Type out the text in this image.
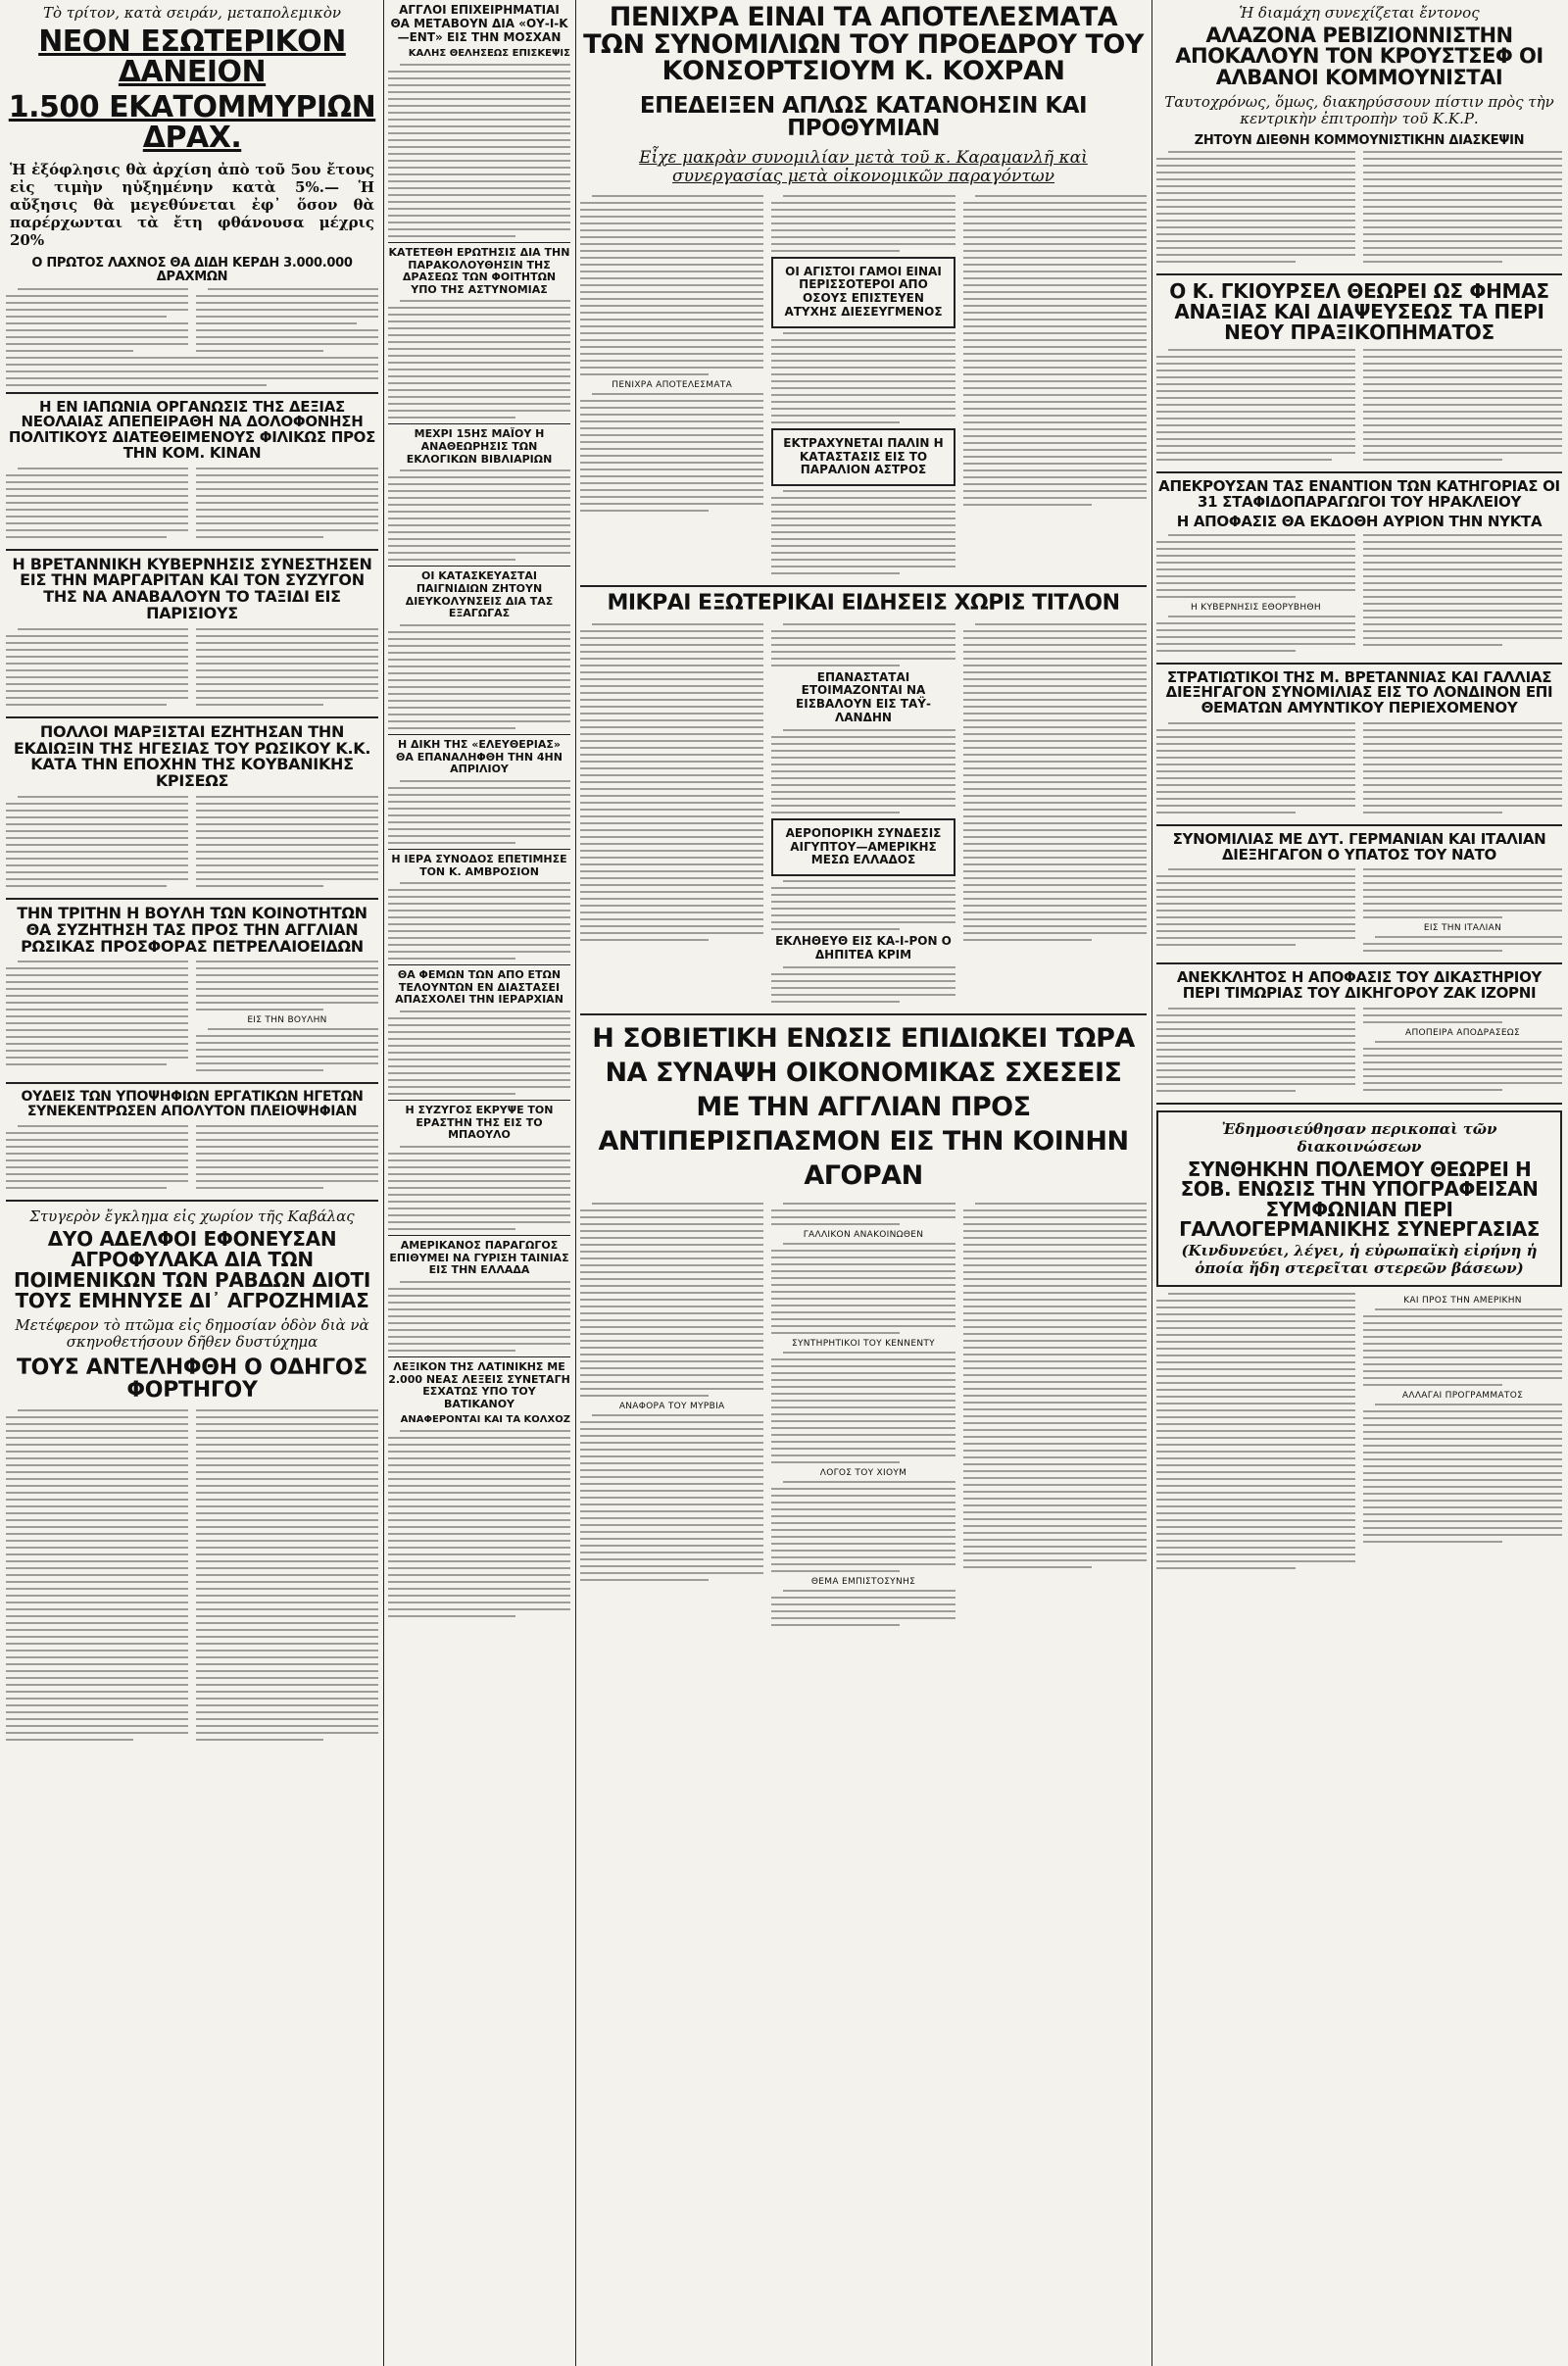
Τὸ τρίτον, κατὰ σειράν, μεταπολεμικὸν
ΝΕΟΝ ΕΣΩΤΕΡΙΚΟΝ ΔΑΝΕΙΟΝ
1.500 ΕΚΑΤΟΜΜΥΡΙΩΝ ΔΡΑΧ.
Ἡ ἐξόφλησις θὰ ἀρχίση ἀπὸ τοῦ 5ου ἔτους εἰς τιμὴν ηὐξημένην κατὰ 5%.— Ἡ αὔξησις θὰ μεγεθύνεται ἐφ᾽ ὅσον θὰ παρέρχωνται τὰ ἔτη φθάνουσα μέχρις 20%
Ο ΠΡΩΤΟΣ ΛΑΧΝΟΣ ΘΑ ΔΙΔΗ ΚΕΡΔΗ 3.000.000 ΔΡΑΧΜΩΝ
Η ΕΝ ΙΑΠΩΝΙΑ ΟΡΓΑΝΩΣΙΣ ΤΗΣ ΔΕΞΙΑΣ ΝΕΟΛΑΙΑΣ ΑΠΕΠΕΙΡΑΘΗ ΝΑ ΔΟΛΟΦΟΝΗΣΗ ΠΟΛΙΤΙΚΟΥΣ ΔΙΑΤΕΘΕΙΜΕΝΟΥΣ ΦΙΛΙΚΩΣ ΠΡΟΣ ΤΗΝ ΚΟΜ. ΚΙΝΑΝ
Η ΒΡΕΤΑΝΝΙΚΗ ΚΥΒΕΡΝΗΣΙΣ ΣΥΝΕΣΤΗΣΕΝ ΕΙΣ ΤΗΝ ΜΑΡΓΑΡΙΤΑΝ ΚΑΙ ΤΟΝ ΣΥΖΥΓΟΝ ΤΗΣ ΝΑ ΑΝΑΒΑΛΟΥΝ ΤΟ ΤΑΞΙΔΙ ΕΙΣ ΠΑΡΙΣΙΟΥΣ
ΠΟΛΛΟΙ ΜΑΡΞΙΣΤΑΙ ΕΖΗΤΗΣΑΝ ΤΗΝ ΕΚΔΙΩΞΙΝ ΤΗΣ ΗΓΕΣΙΑΣ ΤΟΥ ΡΩΣΙΚΟΥ Κ.Κ. ΚΑΤΑ ΤΗΝ ΕΠΟΧΗΝ ΤΗΣ ΚΟΥΒΑΝΙΚΗΣ ΚΡΙΣΕΩΣ
ΤΗΝ ΤΡΙΤΗΝ Η ΒΟΥΛΗ ΤΩΝ ΚΟΙΝΟΤΗΤΩΝ ΘΑ ΣΥΖΗΤΗΣΗ ΤΑΣ ΠΡΟΣ ΤΗΝ ΑΓΓΛΙΑΝ ΡΩΣΙΚΑΣ ΠΡΟΣΦΟΡΑΣ ΠΕΤΡΕΛΑΙΟΕΙΔΩΝ
ΕΙΣ ΤΗΝ ΒΟΥΛΗΝ
ΟΥΔΕΙΣ ΤΩΝ ΥΠΟΨΗΦΙΩΝ ΕΡΓΑΤΙΚΩΝ ΗΓΕΤΩΝ ΣΥΝΕΚΕΝΤΡΩΣΕΝ ΑΠΟΛΥΤΟΝ ΠΛΕΙΟΨΗΦΙΑΝ
Στυγερὸν ἔγκλημα εἰς χωρίον τῆς Καβάλας
ΔΥΟ ΑΔΕΛΦΟΙ ΕΦΟΝΕΥΣΑΝ ΑΓΡΟΦΥΛΑΚΑ ΔΙΑ ΤΩΝ ΠΟΙΜΕΝΙΚΩΝ ΤΩΝ ΡΑΒΔΩΝ ΔΙΟΤΙ ΤΟΥΣ ΕΜΗΝΥΣΕ ΔΙ᾽ ΑΓΡΟΖΗΜΙΑΣ
Μετέφερον τὸ πτῶμα εἰς δημοσίαν ὁδὸν διὰ νὰ σκηνοθετήσουν δῆθεν δυστύχημα
ΤΟΥΣ ΑΝΤΕΛΗΦΘΗ Ο ΟΔΗΓΟΣ ΦΟΡΤΗΓΟΥ
ΑΓΓΛΟΙ ΕΠΙΧΕΙΡΗΜΑΤΙΑΙ ΘΑ ΜΕΤΑΒΟΥΝ ΔΙΑ «ΟΥ-Ι-Κ—ΕΝΤ» ΕΙΣ ΤΗΝ ΜΟΣΧΑΝ
ΚΑΛΗΣ ΘΕΛΗΣΕΩΣ ΕΠΙΣΚΕΨΙΣ
ΚΑΤΕΤΕΘΗ ΕΡΩΤΗΣΙΣ ΔΙΑ ΤΗΝ ΠΑΡΑΚΟΛΟΥΘΗΣΙΝ ΤΗΣ ΔΡΑΣΕΩΣ ΤΩΝ ΦΟΙΤΗΤΩΝ ΥΠΟ ΤΗΣ ΑΣΤΥΝΟΜΙΑΣ
ΜΕΧΡΙ 15ΗΣ ΜΑΪΟΥ Η ΑΝΑΘΕΩΡΗΣΙΣ ΤΩΝ ΕΚΛΟΓΙΚΩΝ ΒΙΒΛΙΑΡΙΩΝ
ΟΙ ΚΑΤΑΣΚΕΥΑΣΤΑΙ ΠΑΙΓΝΙΔΙΩΝ ΖΗΤΟΥΝ ΔΙΕΥΚΟΛΥΝΣΕΙΣ ΔΙΑ ΤΑΣ ΕΞΑΓΩΓΑΣ
Η ΔΙΚΗ ΤΗΣ «ΕΛΕΥΘΕΡΙΑΣ» ΘΑ ΕΠΑΝΑΛΗΦΘΗ ΤΗΝ 4ΗΝ ΑΠΡΙΛΙΟΥ
Η ΙΕΡΑ ΣΥΝΟΔΟΣ ΕΠΕΤΙΜΗΣΕ ΤΟΝ Κ. ΑΜΒΡΟΣΙΟΝ
ΘΑ ΦΕΜΩΝ ΤΩΝ ΑΠΟ ΕΤΩΝ ΤΕΛΟΥΝΤΩΝ ΕΝ ΔΙΑΣΤΑΣΕΙ ΑΠΑΣΧΟΛΕΙ ΤΗΝ ΙΕΡΑΡΧΙΑΝ
Η ΣΥΖΥΓΟΣ ΕΚΡΥΨΕ ΤΟΝ ΕΡΑΣΤΗΝ ΤΗΣ ΕΙΣ ΤΟ ΜΠΑΟΥΛΟ
ΑΜΕΡΙΚΑΝΟΣ ΠΑΡΑΓΩΓΟΣ ΕΠΙΘΥΜΕΙ ΝΑ ΓΥΡΙΣΗ ΤΑΙΝΙΑΣ ΕΙΣ ΤΗΝ ΕΛΛΑΔΑ
ΛΕΞΙΚΟΝ ΤΗΣ ΛΑΤΙΝΙΚΗΣ ΜΕ 2.000 ΝΕΑΣ ΛΕΞΕΙΣ ΣΥΝΕΤΑΓΗ ΕΣΧΑΤΩΣ ΥΠΟ ΤΟΥ ΒΑΤΙΚΑΝΟΥ
ΑΝΑΦΕΡΟΝΤΑΙ ΚΑΙ ΤΑ ΚΟΛΧΟΖ
ΠΕΝΙΧΡΑ ΕΙΝΑΙ ΤΑ ΑΠΟΤΕΛΕΣΜΑΤΑ ΤΩΝ ΣΥΝΟΜΙΛΙΩΝ ΤΟΥ ΠΡΟΕΔΡΟΥ ΤΟΥ ΚΟΝΣΟΡΤΣΙΟΥΜ Κ. ΚΟΧΡΑΝ
ΕΠΕΔΕΙΞΕΝ ΑΠΛΩΣ ΚΑΤΑΝΟΗΣΙΝ ΚΑΙ ΠΡΟΘΥΜΙΑΝ
Εἶχε μακρὰν συνομιλίαν μετὰ τοῦ κ. Καραμανλῆ καὶ συνεργασίας μετὰ οἰκονομικῶν παραγόντων
ΠΕΝΙΧΡΑ ΑΠΟΤΕΛΕΣΜΑΤΑ
ΟΙ ΑΓΙΣΤΟΙ ΓΑΜΟΙ ΕΙΝΑΙ ΠΕΡΙΣΣΟΤΕΡΟΙ ΑΠΟ ΟΣΟΥΣ ΕΠΙΣΤΕΥΕΝ ΑΤΥΧΗΣ ΔΙΕΣΕΥΓΜΕΝΟΣ
ΕΚΤΡΑΧΥΝΕΤΑΙ ΠΑΛΙΝ Η ΚΑΤΑΣΤΑΣΙΣ ΕΙΣ ΤΟ ΠΑΡΑΛΙΟΝ ΑΣΤΡΟΣ
ΜΙΚΡΑΙ ΕΞΩΤΕΡΙΚΑΙ ΕΙΔΗΣΕΙΣ ΧΩΡΙΣ ΤΙΤΛΟΝ
ΕΠΑΝΑΣΤΑΤΑΙ ΕΤΟΙΜΑΖΟΝΤΑΙ ΝΑ ΕΙΣΒΑΛΟΥΝ ΕΙΣ ΤΑΫ-ΛΑΝΔΗΝ
ΑΕΡΟΠΟΡΙΚΗ ΣΥΝΔΕΣΙΣ ΑΙΓΥΠΤΟΥ—ΑΜΕΡΙΚΗΣ ΜΕΣΩ ΕΛΛΑΔΟΣ
ΕΚΛΗΘΕΥΘ ΕΙΣ ΚΑ-Ι-ΡΟΝ Ο ΔΗΠΙΤΕΑ ΚΡΙΜ
Η ΣΟΒΙΕΤΙΚΗ ΕΝΩΣΙΣ ΕΠΙΔΙΩΚΕΙ ΤΩΡΑ ΝΑ ΣΥΝΑΨΗ ΟΙΚΟΝΟΜΙΚΑΣ ΣΧΕΣΕΙΣ ΜΕ ΤΗΝ ΑΓΓΛΙΑΝ ΠΡΟΣ ΑΝΤΙΠΕΡΙΣΠΑΣΜΟΝ ΕΙΣ ΤΗΝ ΚΟΙΝΗΝ ΑΓΟΡΑΝ
ΑΝΑΦΟΡΑ ΤΟΥ ΜΥΡΒΙΑ
ΓΑΛΛΙΚΟΝ ΑΝΑΚΟΙΝΩΘΕΝ
ΣΥΝΤΗΡΗΤΙΚΟΙ ΤΟΥ ΚΕΝΝΕΝΤΥ
ΛΟΓΟΣ ΤΟΥ ΧΙΟΥΜ
ΘΕΜΑ ΕΜΠΙΣΤΟΣΥΝΗΣ
Ἡ διαμάχη συνεχίζεται ἔντονος
ΑΛΑΖΟΝΑ ΡΕΒΙΖΙΟΝΝΙΣΤΗΝ ΑΠΟΚΑΛΟΥΝ ΤΟΝ ΚΡΟΥΣΤΣΕΦ ΟΙ ΑΛΒΑΝΟΙ ΚΟΜΜΟΥΝΙΣΤΑΙ
Ταυτοχρόνως, ὅμως, διακηρύσσουν πίστιν πρὸς τὴν κεντρικὴν ἐπιτροπὴν τοῦ Κ.Κ.Ρ.
ΖΗΤΟΥΝ ΔΙΕΘΝΗ ΚΟΜΜΟΥΝΙΣΤΙΚΗΝ ΔΙΑΣΚΕΨΙΝ
Ο Κ. ΓΚΙΟΥΡΣΕΛ ΘΕΩΡΕΙ ΩΣ ΦΗΜΑΣ ΑΝΑΞΙΑΣ ΚΑΙ ΔΙΑΨΕΥΣΕΩΣ ΤΑ ΠΕΡΙ ΝΕΟΥ ΠΡΑΞΙΚΟΠΗΜΑΤΟΣ
ΑΠΕΚΡΟΥΣΑΝ ΤΑΣ ΕΝΑΝΤΙΟΝ ΤΩΝ ΚΑΤΗΓΟΡΙΑΣ ΟΙ 31 ΣΤΑΦΙΔΟΠΑΡΑΓΩΓΟΙ ΤΟΥ ΗΡΑΚΛΕΙΟΥ
Η ΑΠΟΦΑΣΙΣ ΘΑ ΕΚΔΟΘΗ ΑΥΡΙΟΝ ΤΗΝ ΝΥΚΤΑ
Η ΚΥΒΕΡΝΗΣΙΣ ΕΘΟΡΥΒΗΘΗ
ΣΤΡΑΤΙΩΤΙΚΟΙ ΤΗΣ Μ. ΒΡΕΤΑΝΝΙΑΣ ΚΑΙ ΓΑΛΛΙΑΣ ΔΙΕΞΗΓΑΓΟΝ ΣΥΝΟΜΙΛΙΑΣ ΕΙΣ ΤΟ ΛΟΝΔΙΝΟΝ ΕΠΙ ΘΕΜΑΤΩΝ ΑΜΥΝΤΙΚΟΥ ΠΕΡΙΕΧΟΜΕΝΟΥ
ΣΥΝΟΜΙΛΙΑΣ ΜΕ ΔΥΤ. ΓΕΡΜΑΝΙΑΝ ΚΑΙ ΙΤΑΛΙΑΝ ΔΙΕΞΗΓΑΓΟΝ Ο ΥΠΑΤΟΣ ΤΟΥ ΝΑΤΟ
ΕΙΣ ΤΗΝ ΙΤΑΛΙΑΝ
ΑΝΕΚΚΛΗΤΟΣ Η ΑΠΟΦΑΣΙΣ ΤΟΥ ΔΙΚΑΣΤΗΡΙΟΥ ΠΕΡΙ ΤΙΜΩΡΙΑΣ ΤΟΥ ΔΙΚΗΓΟΡΟΥ ΖΑΚ ΙΖΟΡΝΙ
ΑΠΟΠΕΙΡΑ ΑΠΟΔΡΑΣΕΩΣ
Ἐδημοσιεύθησαν περικοπαὶ τῶν διακοινώσεων
ΣΥΝΘΗΚΗΝ ΠΟΛΕΜΟΥ ΘΕΩΡΕΙ Η ΣΟΒ. ΕΝΩΣΙΣ ΤΗΝ ΥΠΟΓΡΑΦΕΙΣΑΝ ΣΥΜΦΩΝΙΑΝ ΠΕΡΙ ΓΑΛΛΟΓΕΡΜΑΝΙΚΗΣ ΣΥΝΕΡΓΑΣΙΑΣ
(Κινδυνεύει, λέγει, ἡ εὐρωπαϊκὴ εἰρήνη ἡ ὁποία ἤδη στερεῖται στερεῶν βάσεων)
ΚΑΙ ΠΡΟΣ ΤΗΝ ΑΜΕΡΙΚΗΝ
ΑΛΛΑΓΑΙ ΠΡΟΓΡΑΜΜΑΤΟΣ
